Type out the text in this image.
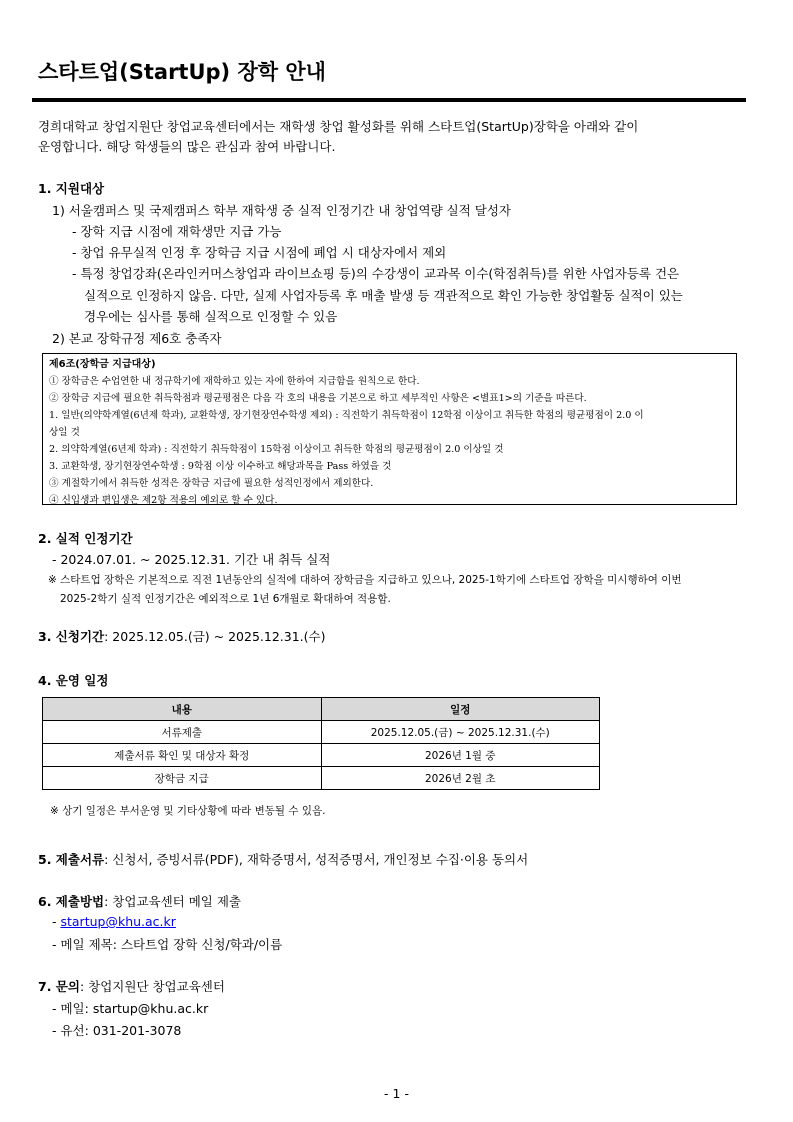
스타트업(StartUp) 장학 안내
경희대학교 창업지원단 창업교육센터에서는 재학생 창업 활성화를 위해 스타트업(StartUp)장학을 아래와 같이
운영합니다. 해당 학생들의 많은 관심과 참여 바랍니다.
1. 지원대상
1) 서울캠퍼스 및 국제캠퍼스 학부 재학생 중 실적 인정기간 내 창업역량 실적 달성자
- 장학 지급 시점에 재학생만 지급 가능
- 창업 유무실적 인정 후 장학금 지급 시점에 폐업 시 대상자에서 제외
- 특정 창업강좌(온라인커머스창업과 라이브쇼핑 등)의 수강생이 교과목 이수(학점취득)를 위한 사업자등록 건은
실적으로 인정하지 않음. 다만, 실제 사업자등록 후 매출 발생 등 객관적으로 확인 가능한 창업활동 실적이 있는
경우에는 심사를 통해 실적으로 인정할 수 있음
2) 본교 장학규정 제6호 충족자
제6조(장학금 지급대상)
① 장학금은 수업연한 내 정규학기에 재학하고 있는 자에 한하여 지급함을 원칙으로 한다.
② 장학금 지급에 필요한 취득학점과 평균평점은 다음 각 호의 내용을 기본으로 하고 세부적인 사항은 <별표1>의 기준을 따른다.
1. 일반(의약학계열(6년제 학과), 교환학생, 장기현장연수학생 제외) : 직전학기 취득학점이 12학점 이상이고 취득한 학점의 평균평점이 2.0 이
상일 것
2. 의약학계열(6년제 학과) : 직전학기 취득학점이 15학점 이상이고 취득한 학점의 평균평점이 2.0 이상일 것
3. 교환학생, 장기현장연수학생 : 9학점 이상 이수하고 해당과목을 Pass 하였을 것
③ 계절학기에서 취득한 성적은 장학금 지급에 필요한 성적인정에서 제외한다.
④ 신입생과 편입생은 제2항 적용의 예외로 할 수 있다.
2. 실적 인정기간
- 2024.07.01. ~ 2025.12.31. 기간 내 취득 실적
※ 스타트업 장학은 기본적으로 직전 1년동안의 실적에 대하여 장학금을 지급하고 있으나, 2025-1학기에 스타트업 장학을 미시행하여 이번
2025-2학기 실적 인정기간은 예외적으로 1년 6개월로 확대하여 적용함.
3. 신청기간: 2025.12.05.(금) ~ 2025.12.31.(수)
4. 운영 일정
내용	일정
서류제출	2025.12.05.(금) ~ 2025.12.31.(수)
제출서류 확인 및 대상자 확정	2026년 1월 중
장학금 지급	2026년 2월 초
※ 상기 일정은 부서운영 및 기타상황에 따라 변동될 수 있음.
5. 제출서류: 신청서, 증빙서류(PDF), 재학증명서, 성적증명서, 개인정보 수집·이용 동의서
6. 제출방법: 창업교육센터 메일 제출
- startup@khu.ac.kr
- 메일 제목: 스타트업 장학 신청/학과/이름
7. 문의: 창업지원단 창업교육센터
- 메일: startup@khu.ac.kr
- 유선: 031-201-3078
- 1 -
